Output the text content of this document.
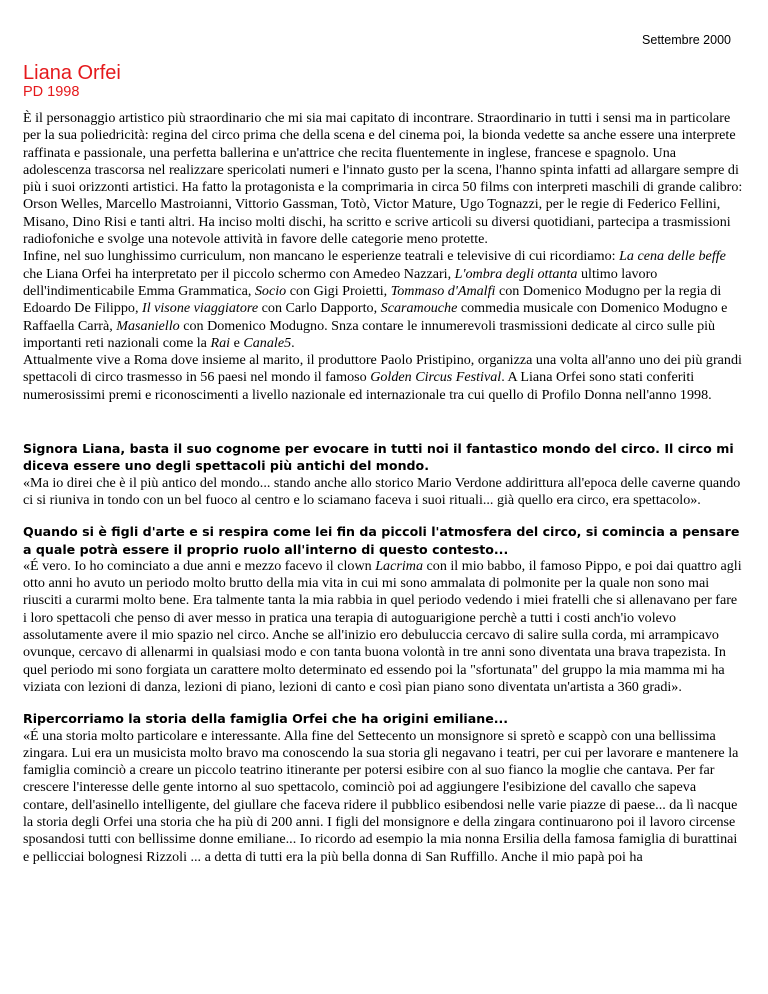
Settembre 2000
Liana Orfei
PD 1998

È il personaggio artistico più straordinario che mi sia mai capitato di incontrare. Straordinario in tutti i sensi ma in particolare per la sua poliedricità: regina del circo prima che della scena e del cinema poi, la bionda vedette sa anche essere una interprete raffinata e passionale, una perfetta ballerina e un'attrice che recita fluentemente in inglese, francese e spagnolo. Una adolescenza trascorsa nel realizzare spericolati numeri e l'innato gusto per la scena, l'hanno spinta infatti ad allargare sempre di più i suoi orizzonti artistici. Ha fatto la protagonista e la comprimaria in circa 50 films con interpreti maschili di grande calibro: Orson Welles, Marcello Mastroianni, Vittorio Gassman, Totò, Victor Mature, Ugo Tognazzi, per le regie di Federico Fellini, Misano, Dino Risi e tanti altri. Ha inciso molti dischi, ha scritto e scrive articoli su diversi quotidiani, partecipa a trasmissioni radiofoniche e svolge una notevole attività in favore delle categorie meno protette.

Infine, nel suo lunghissimo curriculum, non mancano le esperienze teatrali e televisive di cui ricordiamo: La cena delle beffe che Liana Orfei ha interpretato per il piccolo schermo con Amedeo Nazzari, L'ombra degli ottanta ultimo lavoro dell'indimenticabile Emma Grammatica, Socio con Gigi Proietti, Tommaso d'Amalfi con Domenico Modugno per la regia di Edoardo De Filippo, Il visone viaggiatore con Carlo Dapporto, Scaramouche commedia musicale con Domenico Modugno e Raffaella Carrà, Masaniello con Domenico Modugno. Snza contare le innumerevoli trasmissioni dedicate al circo sulle più importanti reti nazionali come la Rai e Canale5.

Attualmente vive a Roma dove insieme al marito, il produttore Paolo Pristipino, organizza una volta all'anno uno dei più grandi spettacoli di circo trasmesso in 56 paesi nel mondo il famoso Golden Circus Festival. A Liana Orfei sono stati conferiti numerosissimi premi e riconoscimenti a livello nazionale ed internazionale tra cui quello di Profilo Donna nell'anno 1998.

Signora Liana, basta il suo cognome per evocare in tutti noi il fantastico mondo del circo. Il circo mi diceva essere uno degli spettacoli più antichi del mondo.

«Ma io direi che è il più antico del mondo... stando anche allo storico Mario Verdone addirittura all'epoca delle caverne quando ci si riuniva in tondo con un bel fuoco al centro e lo sciamano faceva i suoi rituali... già quello era circo, era spettacolo».

Quando si è figli d'arte e si respira come lei fin da piccoli l'atmosfera del circo, si comincia a pensare a quale potrà essere il proprio ruolo all'interno di questo contesto...

«É vero. Io ho cominciato a due anni e mezzo facevo il clown Lacrima con il mio babbo, il famoso Pippo, e poi dai quattro agli otto anni ho avuto un periodo molto brutto della mia vita in cui mi sono ammalata di polmonite per la quale non sono mai riusciti a curarmi molto bene. Era talmente tanta la mia rabbia in quel periodo vedendo i miei fratelli che si allenavano per fare i loro spettacoli che penso di aver messo in pratica una terapia di autoguarigione perchè a tutti i costi anch'io volevo assolutamente avere il mio spazio nel circo. Anche se all'inizio ero debuluccia cercavo di salire sulla corda, mi arrampicavo ovunque, cercavo di allenarmi in qualsiasi modo e con tanta buona volontà in tre anni sono diventata una brava trapezista. In quel periodo mi sono forgiata un carattere molto determinato ed essendo poi la "sfortunata" del gruppo la mia mamma mi ha viziata con lezioni di danza, lezioni di piano, lezioni di canto e così pian piano sono diventata un'artista a 360 gradi».

Ripercorriamo la storia della famiglia Orfei che ha origini emiliane...

«É una storia molto particolare e interessante. Alla fine del Settecento un monsignore si spretò e scappò con una bellissima zingara. Lui era un musicista molto bravo ma conoscendo la sua storia gli negavano i teatri, per cui per lavorare e mantenere la famiglia cominciò a creare un piccolo teatrino itinerante per potersi esibire con al suo fianco la moglie che cantava. Per far crescere l'interesse delle gente intorno al suo spettacolo, cominciò poi ad aggiungere l'esibizione del cavallo che sapeva contare, dell'asinello intelligente, del giullare che faceva ridere il pubblico esibendosi nelle varie piazze di paese... da lì nacque la storia degli Orfei una storia che ha più di 200 anni. I figli del monsignore e della zingara continuarono poi il lavoro circense sposandosi tutti con bellissime donne emiliane... Io ricordo ad esempio la mia nonna Ersilia della famosa famiglia di burattinai e pellicciai bolognesi Rizzoli ... a detta di tutti era la più bella donna di San Ruffillo. Anche il mio papà poi ha
